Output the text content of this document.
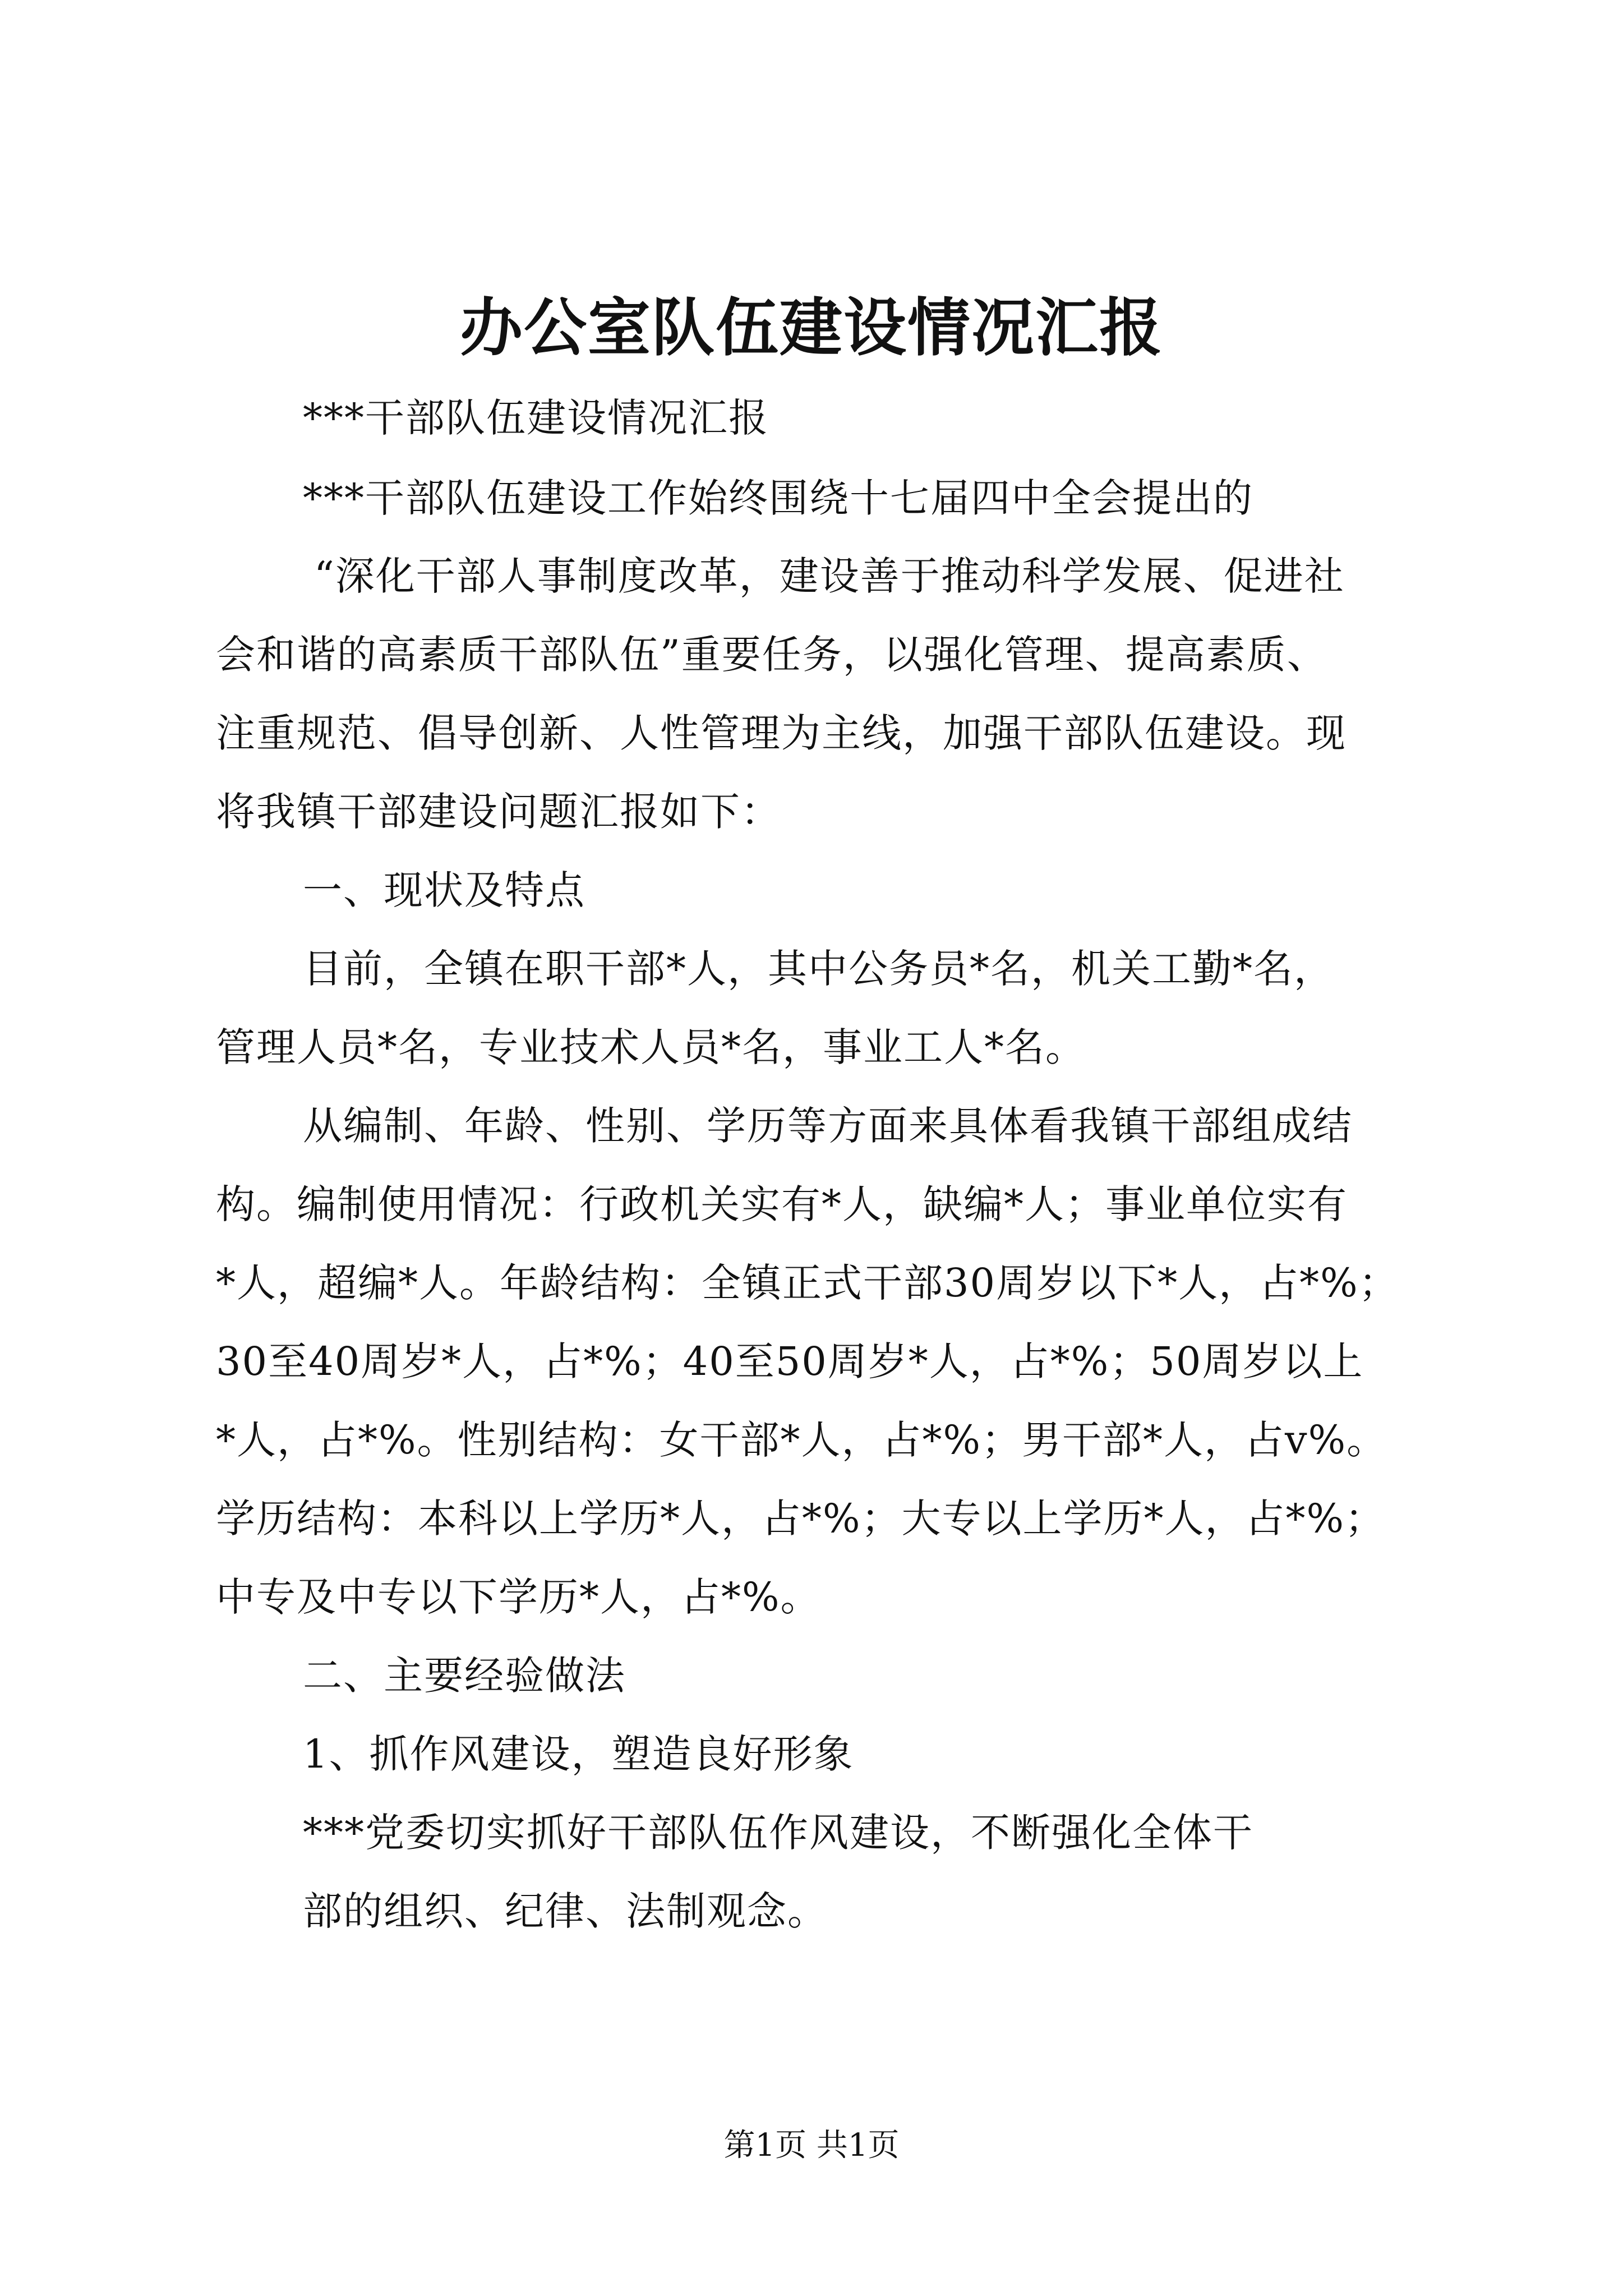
办公室队伍建设情况汇报
***干部队伍建设情况汇报
***干部队伍建设工作始终围绕十七届四中全会提出的
“深化干部人事制度改革，建设善于推动科学发展、促进社
会和谐的高素质干部队伍”重要任务，以强化管理、提高素质、
注重规范、倡导创新、人性管理为主线，加强干部队伍建设。现
将我镇干部建设问题汇报如下：
一、现状及特点
目前，全镇在职干部*人，其中公务员*名，机关工勤*名，
管理人员*名，专业技术人员*名，事业工人*名。
从编制、年龄、性别、学历等方面来具体看我镇干部组成结
构。编制使用情况：行政机关实有*人，缺编*人；事业单位实有
*人，超编*人。年龄结构：全镇正式干部30周岁以下*人，占*%；
30至40周岁*人，占*%；40至50周岁*人，占*%；50周岁以上
*人，占*%。性别结构：女干部*人，占*%；男干部*人，占v%。
学历结构：本科以上学历*人，占*%；大专以上学历*人，占*%；
中专及中专以下学历*人，占*%。
二、主要经验做法
1、抓作风建设，塑造良好形象
***党委切实抓好干部队伍作风建设，不断强化全体干
部的组织、纪律、法制观念。
第1页 共1页
